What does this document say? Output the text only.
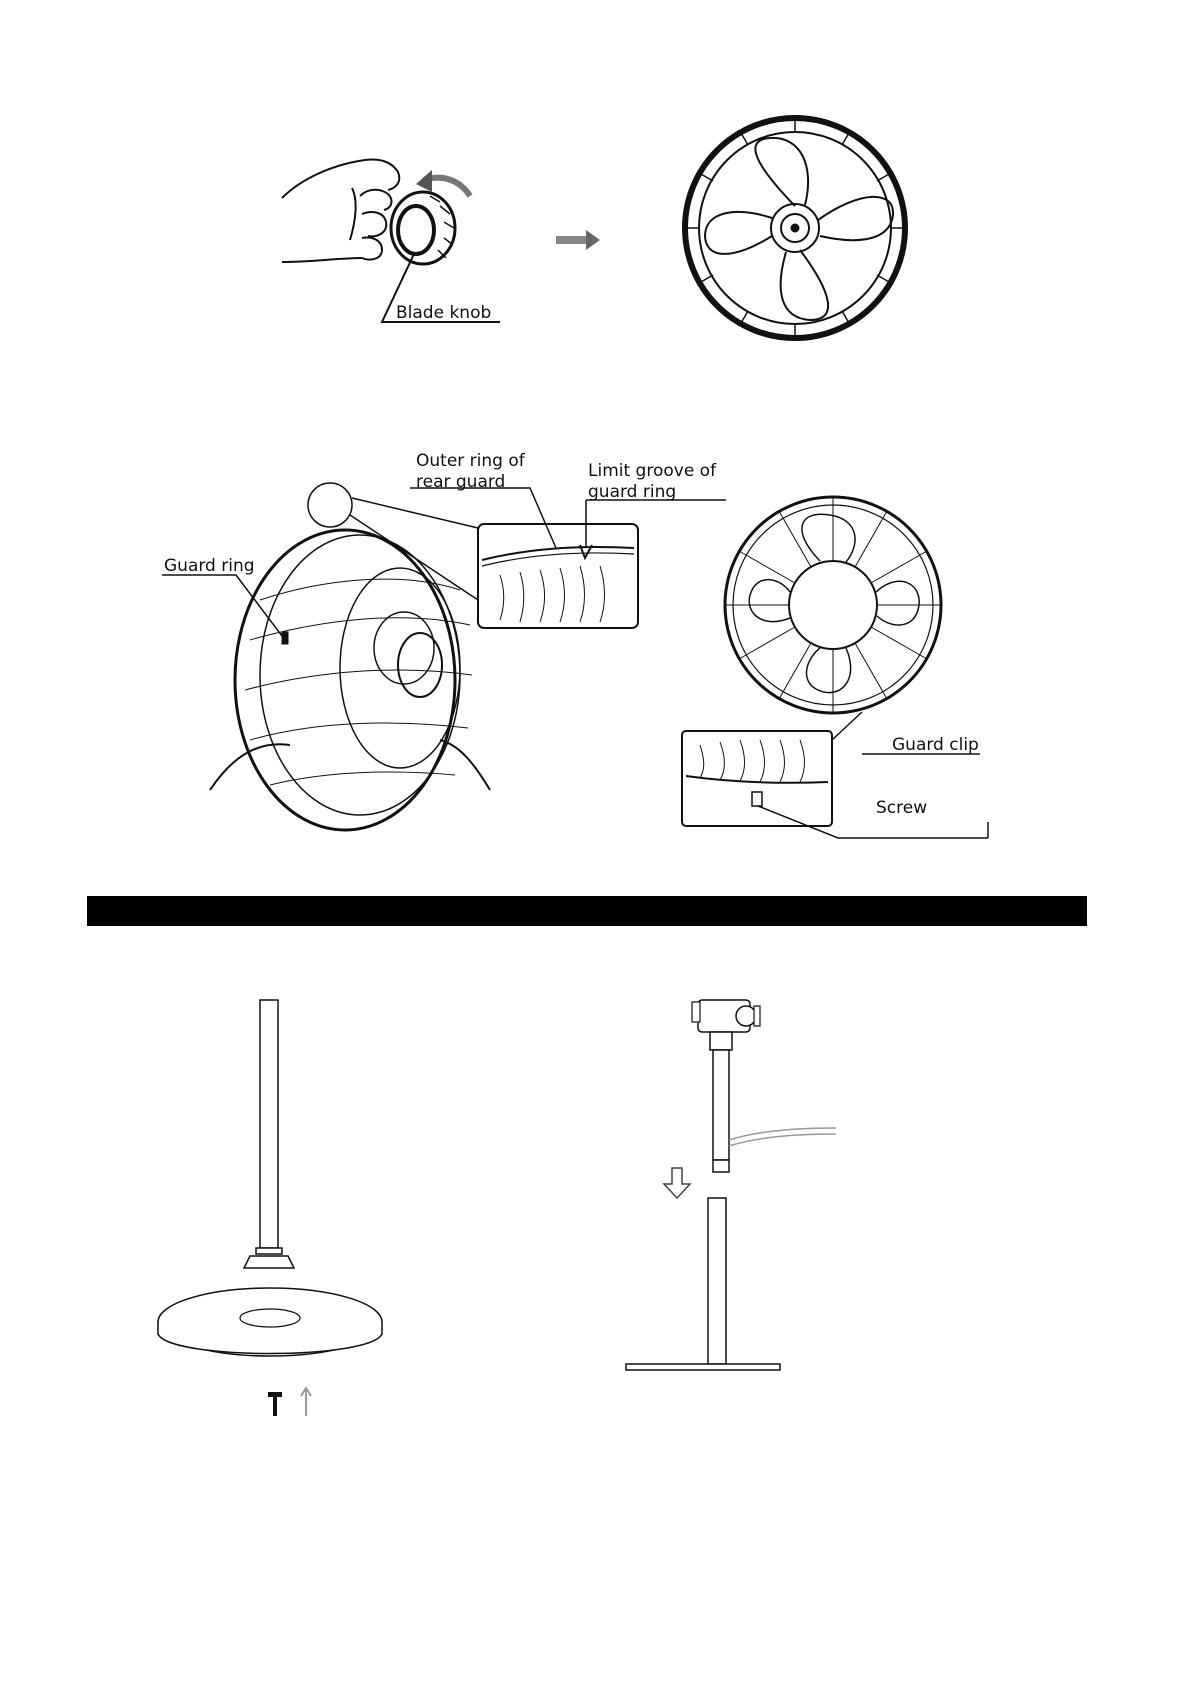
Blade knob
Outer ring of
rear guard
Limit groove of
guard ring
Guard ring
Guard clip
Screw
